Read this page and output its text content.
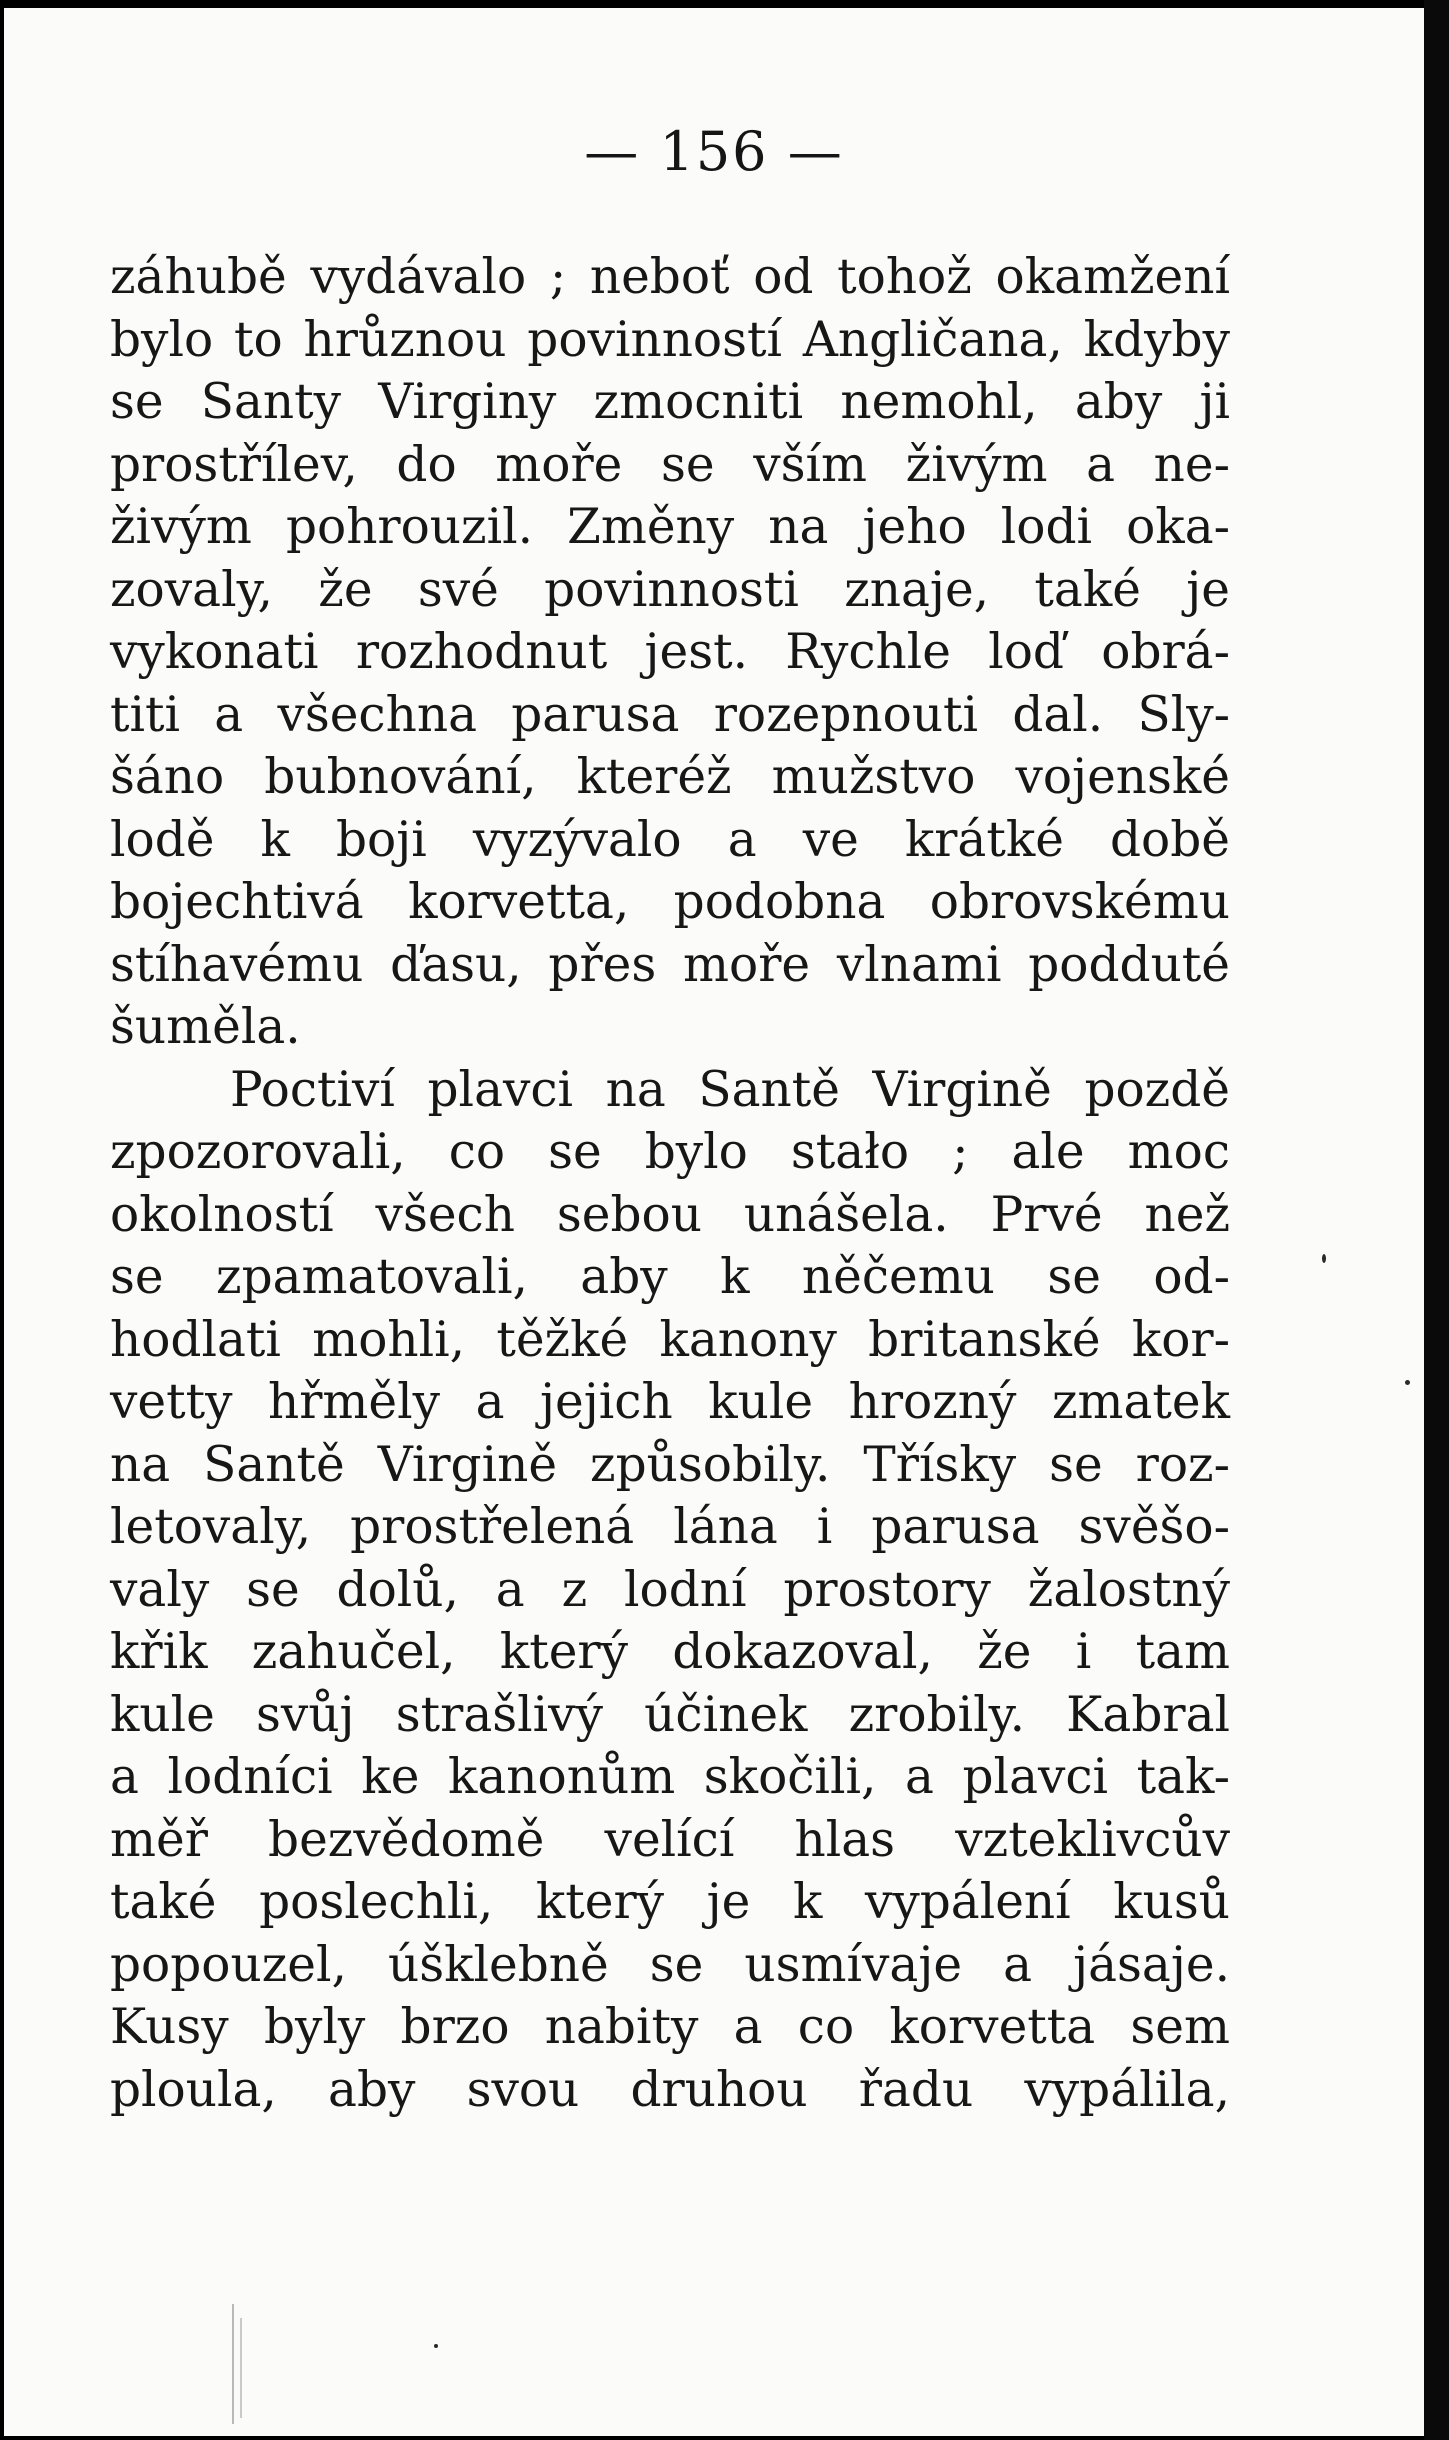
— 156 —
záhubě vydávalo ; neboť od tohož okamžení
bylo to hrůznou povinností Angličana, kdyby
se Santy Virginy zmocniti nemohl, aby ji
prostřílev, do moře se vším živým a ne-
živým pohrouzil. Změny na jeho lodi oka-
zovaly, že své povinnosti znaje, také je
vykonati rozhodnut jest. Rychle loď obrá-
titi a všechna parusa rozepnouti dal. Sly-
šáno bubnování, kteréž mužstvo vojenské
lodě k boji vyzývalo a ve krátké době
bojechtivá korvetta, podobna obrovskému
stíhavému ďasu, přes moře vlnami podduté
šuměla.
Poctiví plavci na Santě Virgině pozdě
zpozorovali, co se bylo stało ; ale moc
okolností všech sebou unášela. Prvé než
se zpamatovali, aby k něčemu se od-
hodlati mohli, těžké kanony britanské kor-
vetty hřměly a jejich kule hrozný zmatek
na Santě Virgině způsobily. Třísky se roz-
letovaly, prostřelená lána i parusa svěšo-
valy se dolů, a z lodní prostory žalostný
křik zahučel, který dokazoval, že i tam
kule svůj strašlivý účinek zrobily. Kabral
a lodníci ke kanonům skočili, a plavci tak-
měř bezvědomě velící hlas vzteklivcův
také poslechli, který je k vypálení kusů
popouzel, úšklebně se usmívaje a jásaje.
Kusy byly brzo nabity a co korvetta sem
ploula, aby svou druhou řadu vypálila,
